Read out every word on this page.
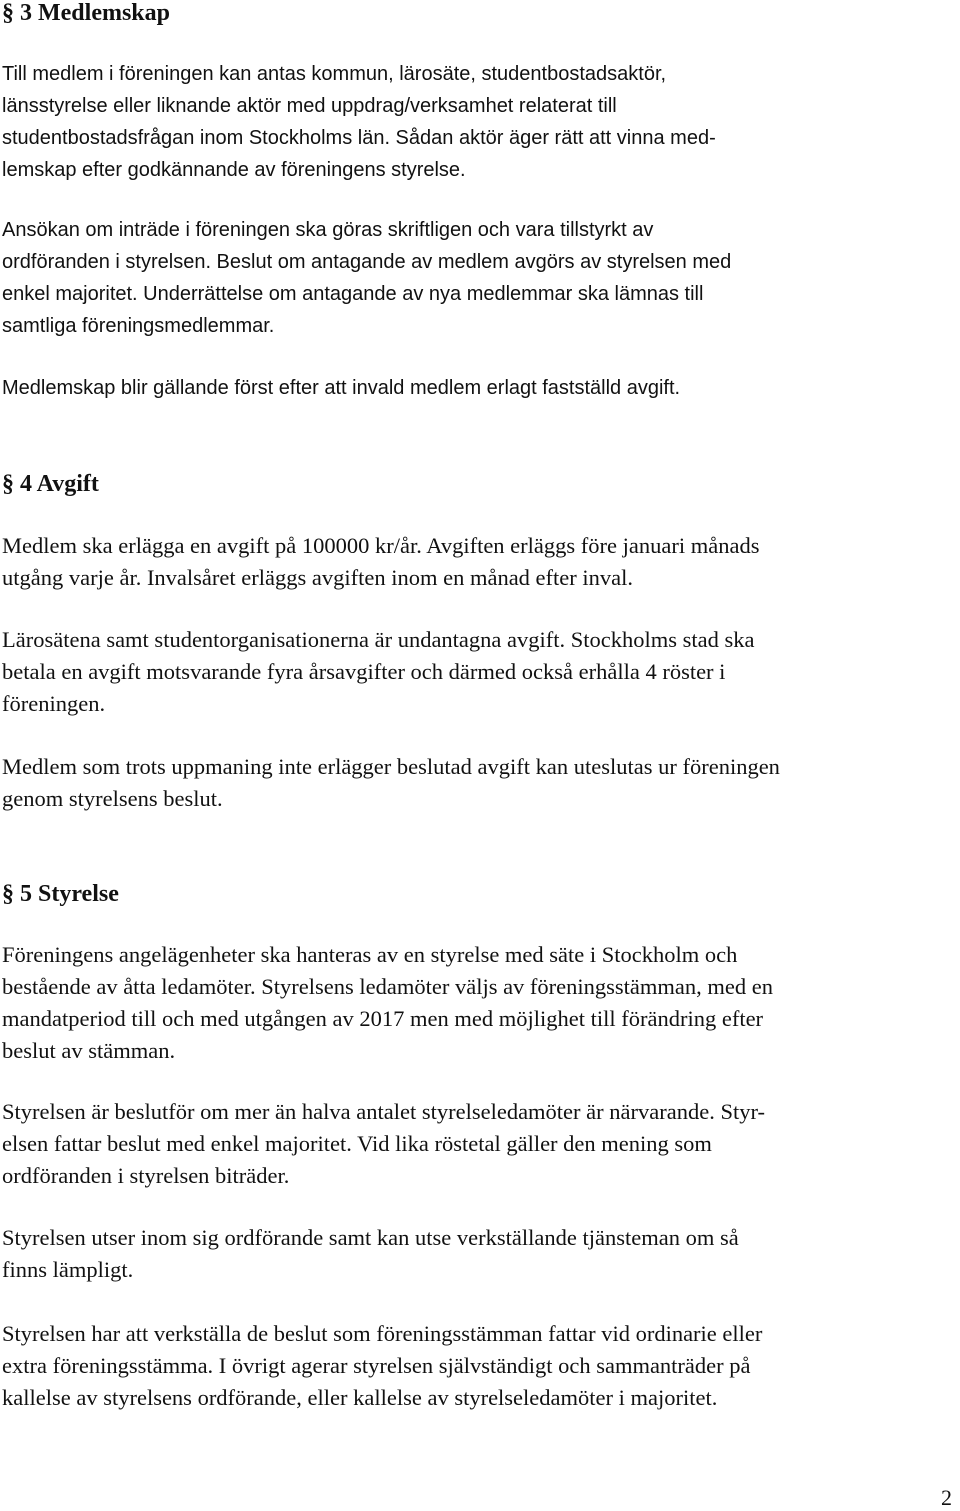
§ 3 Medlemskap

Till medlem i föreningen kan antas kommun, lärosäte, studentbostadsaktör,
länsstyrelse eller liknande aktör med uppdrag/verksamhet relaterat till
studentbostadsfrågan inom Stockholms län. Sådan aktör äger rätt att vinna med-
lemskap efter godkännande av föreningens styrelse.

Ansökan om inträde i föreningen ska göras skriftligen och vara tillstyrkt av
ordföranden i styrelsen. Beslut om antagande av medlem avgörs av styrelsen med
enkel majoritet. Underrättelse om antagande av nya medlemmar ska lämnas till
samtliga föreningsmedlemmar.

Medlemskap blir gällande först efter att invald medlem erlagt fastställd avgift.

§ 4 Avgift

Medlem ska erlägga en avgift på 100000 kr/år. Avgiften erläggs före januari månads
utgång varje år. Invalsåret erläggs avgiften inom en månad efter inval.

Lärosätena samt studentorganisationerna är undantagna avgift. Stockholms stad ska
betala en avgift motsvarande fyra årsavgifter och därmed också erhålla 4 röster i
föreningen.

Medlem som trots uppmaning inte erlägger beslutad avgift kan uteslutas ur föreningen
genom styrelsens beslut.

§ 5 Styrelse

Föreningens angelägenheter ska hanteras av en styrelse med säte i Stockholm och
bestående av åtta ledamöter. Styrelsens ledamöter väljs av föreningsstämman, med en
mandatperiod till och med utgången av 2017 men med möjlighet till förändring efter
beslut av stämman.

Styrelsen är beslutför om mer än halva antalet styrelseledamöter är närvarande. Styr-
elsen fattar beslut med enkel majoritet. Vid lika röstetal gäller den mening som
ordföranden i styrelsen biträder.

Styrelsen utser inom sig ordförande samt kan utse verkställande tjänsteman om så
finns lämpligt.

Styrelsen har att verkställa de beslut som föreningsstämman fattar vid ordinarie eller
extra föreningsstämma. I övrigt agerar styrelsen självständigt och sammanträder på
kallelse av styrelsens ordförande, eller kallelse av styrelseledamöter i majoritet.

2
